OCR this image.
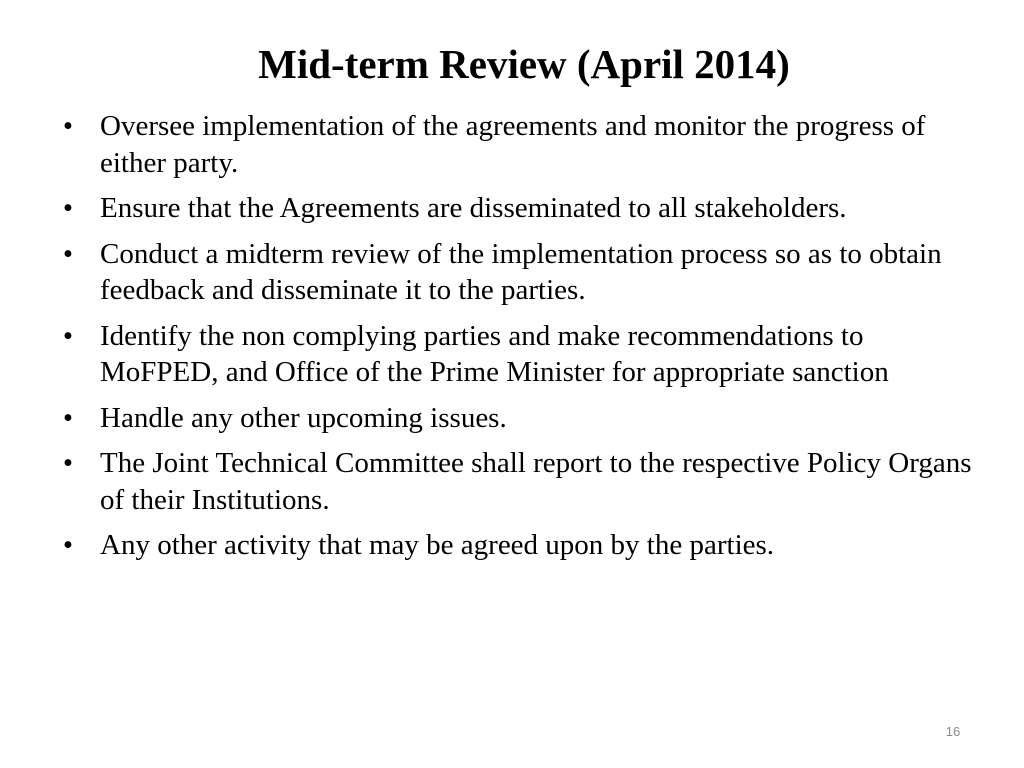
Mid-term Review (April 2014)
• Oversee implementation of the agreements and monitor the progress of either party.
• Ensure that the Agreements are disseminated to all stakeholders.
• Conduct a midterm review of the implementation process so as to obtain feedback and disseminate it to the parties.
• Identify the non complying parties and make recommendations to MoFPED, and Office of the Prime Minister for appropriate sanction
• Handle any other upcoming issues.
• The Joint Technical Committee shall report to the respective Policy Organs of their Institutions.
• Any other activity that may be agreed upon by the parties.
16
